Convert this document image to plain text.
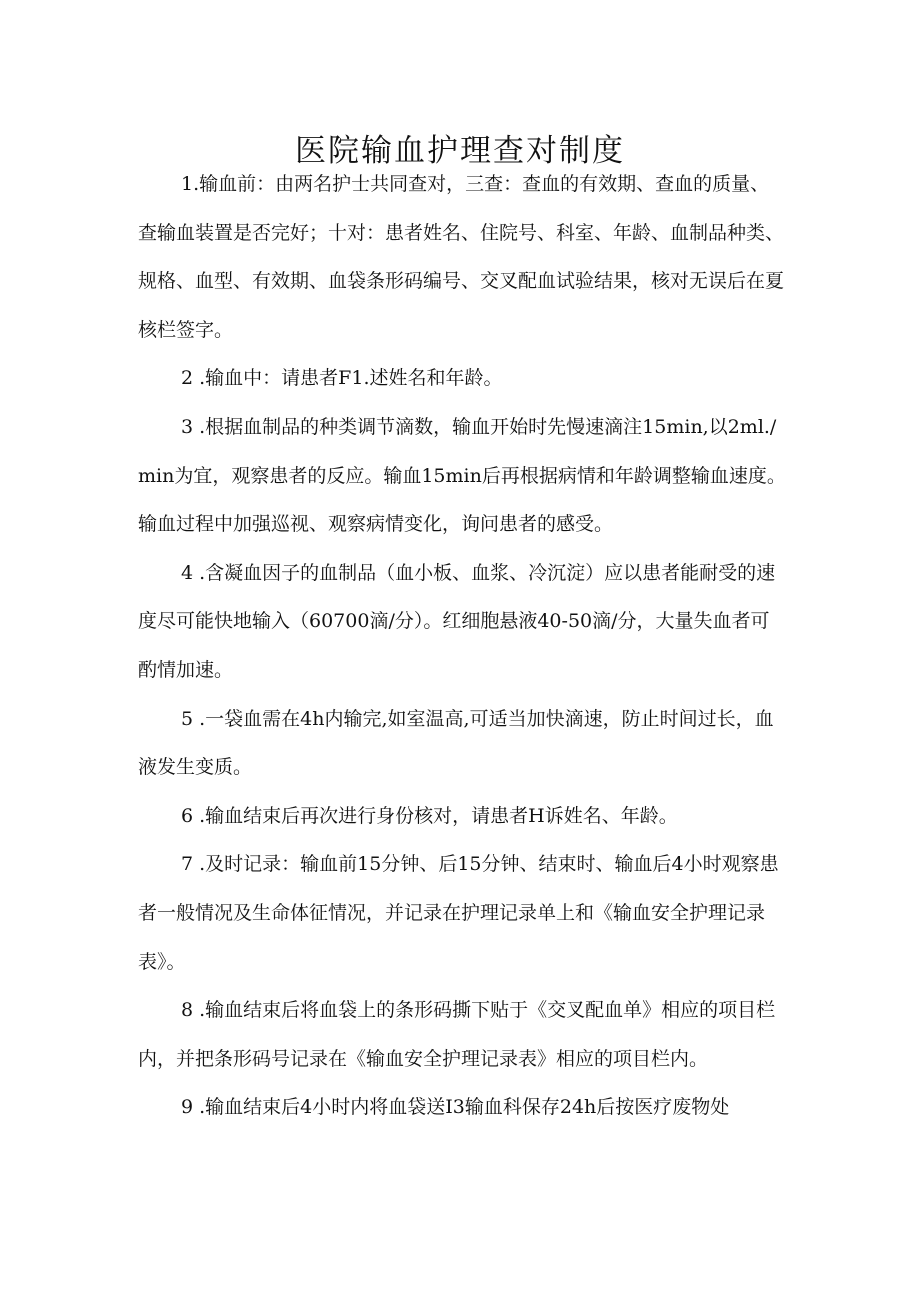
医院输血护理查对制度

1.输血前：由两名护士共同查对，三查：查血的有效期、查血的质量、查输血装置是否完好；十对：患者姓名、住院号、科室、年龄、血制品种类、规格、血型、有效期、血袋条形码编号、交叉配血试验结果，核对无误后在夏核栏签字。

2 .输血中：请患者F1.述姓名和年龄。

3 .根据血制品的种类调节滴数，输血开始时先慢速滴注15min,以2ml./min为宜，观察患者的反应。输血15min后再根据病情和年龄调整输血速度。输血过程中加强巡视、观察病情变化，询问患者的感受。

4 .含凝血因子的血制品（血小板、血浆、冷沉淀）应以患者能耐受的速度尽可能快地输入（60700滴/分）。红细胞悬液40-50滴/分，大量失血者可酌情加速。

5 .一袋血需在4h内输完,如室温高,可适当加快滴速，防止时间过长，血液发生变质。

6 .输血结束后再次进行身份核对，请患者H诉姓名、年龄。

7 .及时记录：输血前15分钟、后15分钟、结束时、输血后4小时观察患者一般情况及生命体征情况，并记录在护理记录单上和《输血安全护理记录表》。

8 .输血结束后将血袋上的条形码撕下贴于《交叉配血单》相应的项目栏内，并把条形码号记录在《输血安全护理记录表》相应的项目栏内。

9 .输血结束后4小时内将血袋送I3输血科保存24h后按医疗废物处
